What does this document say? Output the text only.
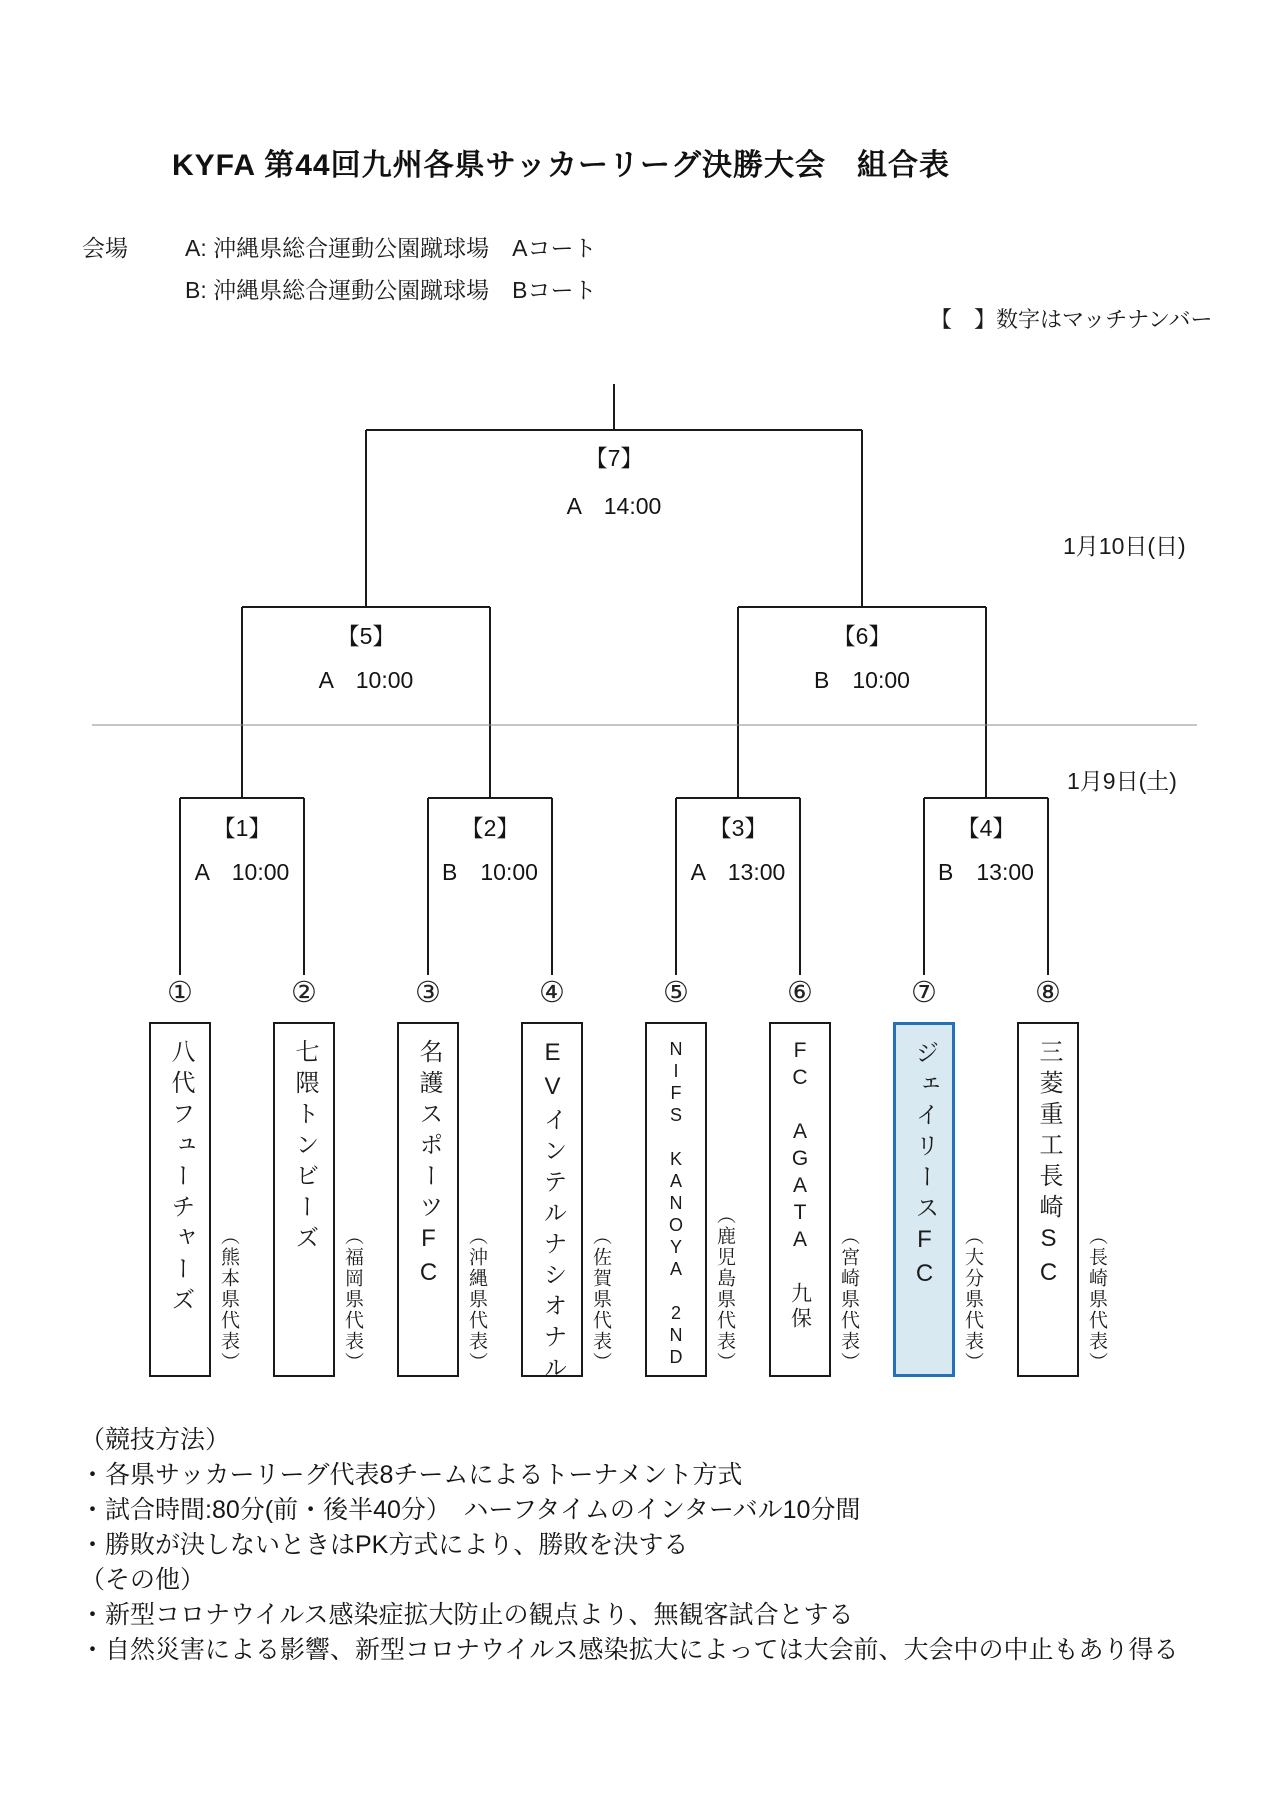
KYFA 第44回九州各県サッカーリーグ決勝大会　組合表
会場 A: 沖縄県総合運動公園蹴球場　Aコート
B: 沖縄県総合運動公園蹴球場　Bコート
【　】数字はマッチナンバー
1月10日(日)
1月9日(土)
【1】
A　10:00
【2】
B　10:00
【3】
A　13:00
【4】
B　13:00
【5】
A　10:00
【6】
B　10:00
【7】
A　14:00
①	②	③	④	⑤	⑥	⑦	⑧
八代フューチャーズ	七隈トンビーズ	名護スポーツFC	EVインテルナシオナル	NIFS KANOYA 2ND	FC AGATA 九保	ジェイリースFC	三菱重工長崎SC
（熊本県代表）	（福岡県代表）	（沖縄県代表）	（佐賀県代表）	（鹿児島県代表）	（宮崎県代表）	（大分県代表）	（長崎県代表）
（競技方法）
・各県サッカーリーグ代表8チームによるトーナメント方式
・試合時間:80分(前・後半40分）　ハーフタイムのインターバル10分間
・勝敗が決しないときはPK方式により、勝敗を決する
（その他）
・新型コロナウイルス感染症拡大防止の観点より、無観客試合とする
・自然災害による影響、新型コロナウイルス感染拡大によっては大会前、大会中の中止もあり得る
